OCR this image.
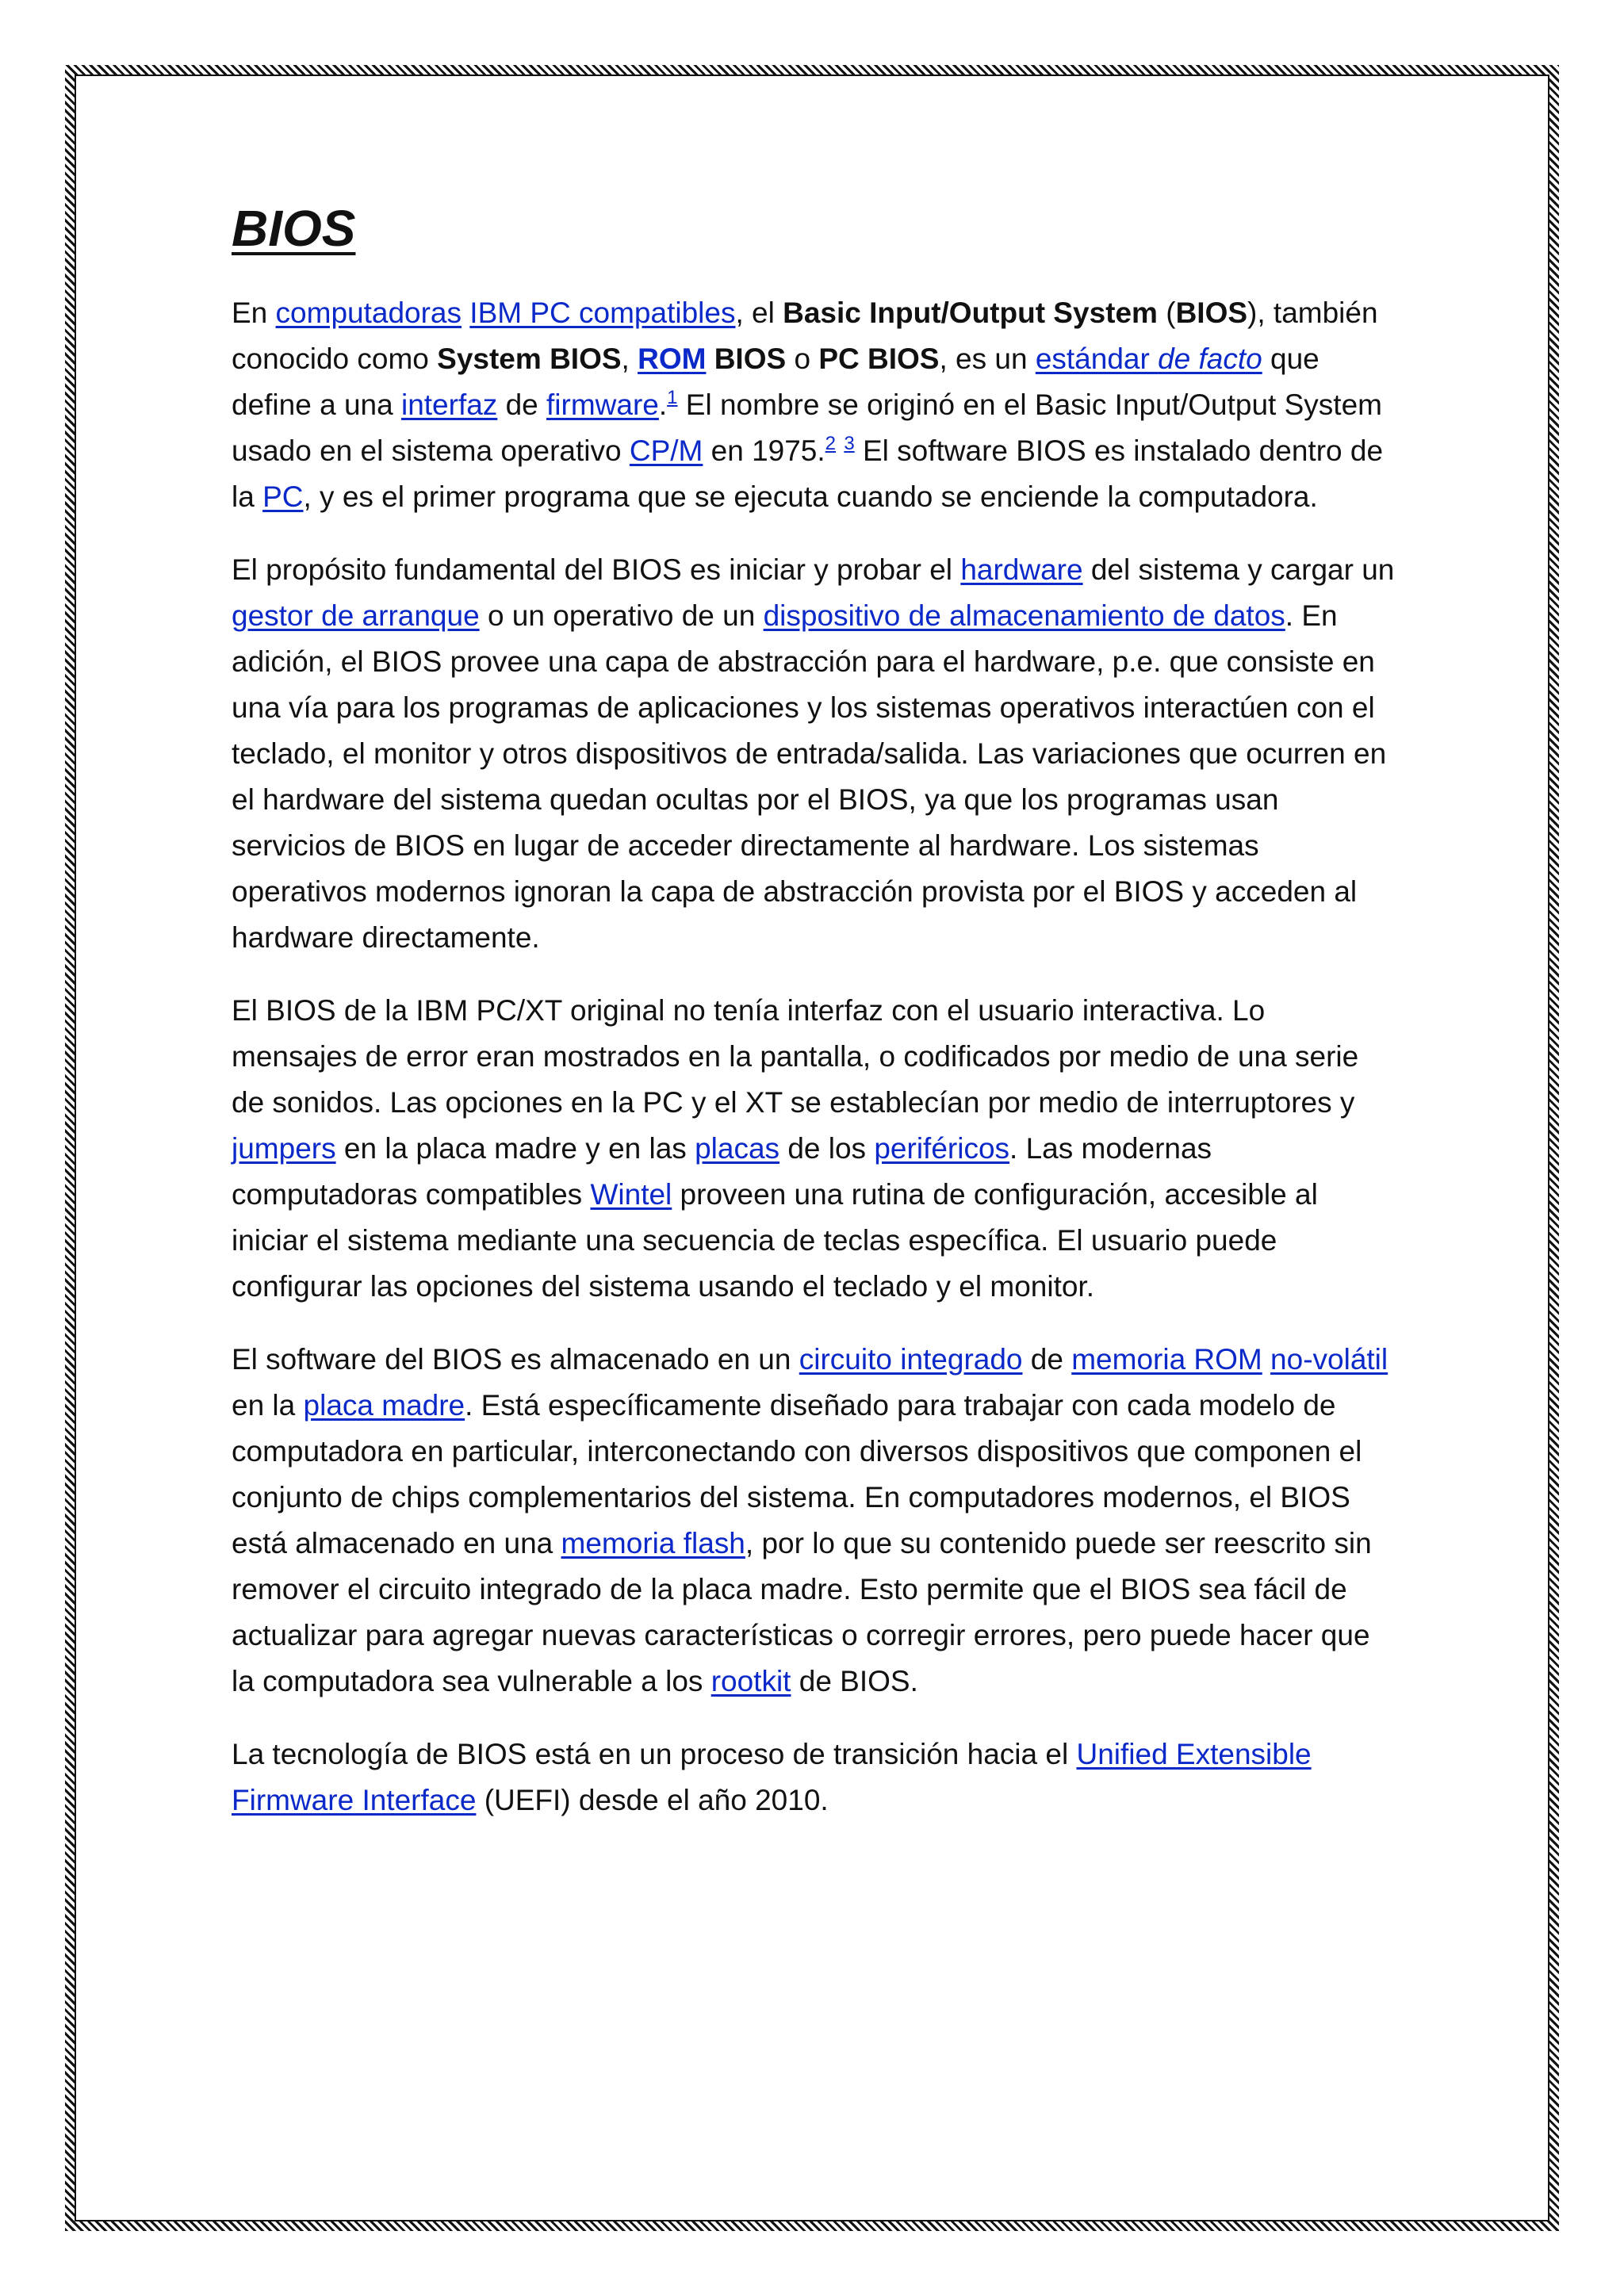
BIOS

En computadoras IBM PC compatibles, el Basic Input/Output System (BIOS), también conocido como System BIOS, ROM BIOS o PC BIOS, es un estándar de facto que define a una interfaz de firmware.$^1$ El nombre se originó en el Basic Input/Output System usado en el sistema operativo CP/M en 1975.$^2$ $^3$ El software BIOS es instalado dentro de la PC, y es el primer programa que se ejecuta cuando se enciende la computadora.

El propósito fundamental del BIOS es iniciar y probar el hardware del sistema y cargar un gestor de arranque o un operativo de un dispositivo de almacenamiento de datos. En adición, el BIOS provee una capa de abstracción para el hardware, p.e. que consiste en una vía para los programas de aplicaciones y los sistemas operativos interactúen con el teclado, el monitor y otros dispositivos de entrada/salida. Las variaciones que ocurren en el hardware del sistema quedan ocultas por el BIOS, ya que los programas usan servicios de BIOS en lugar de acceder directamente al hardware. Los sistemas operativos modernos ignoran la capa de abstracción provista por el BIOS y acceden al hardware directamente.

El BIOS de la IBM PC/XT original no tenía interfaz con el usuario interactiva. Lo mensajes de error eran mostrados en la pantalla, o codificados por medio de una serie de sonidos. Las opciones en la PC y el XT se establecían por medio de interruptores y jumpers en la placa madre y en las placas de los periféricos. Las modernas computadoras compatibles Wintel proveen una rutina de configuración, accesible al iniciar el sistema mediante una secuencia de teclas específica. El usuario puede configurar las opciones del sistema usando el teclado y el monitor.

El software del BIOS es almacenado en un circuito integrado de memoria ROM no-volátil en la placa madre. Está específicamente diseñado para trabajar con cada modelo de computadora en particular, interconectando con diversos dispositivos que componen el conjunto de chips complementarios del sistema. En computadores modernos, el BIOS está almacenado en una memoria flash, por lo que su contenido puede ser reescrito sin remover el circuito integrado de la placa madre. Esto permite que el BIOS sea fácil de actualizar para agregar nuevas características o corregir errores, pero puede hacer que la computadora sea vulnerable a los rootkit de BIOS.

La tecnología de BIOS está en un proceso de transición hacia el Unified Extensible Firmware Interface (UEFI) desde el año 2010.
